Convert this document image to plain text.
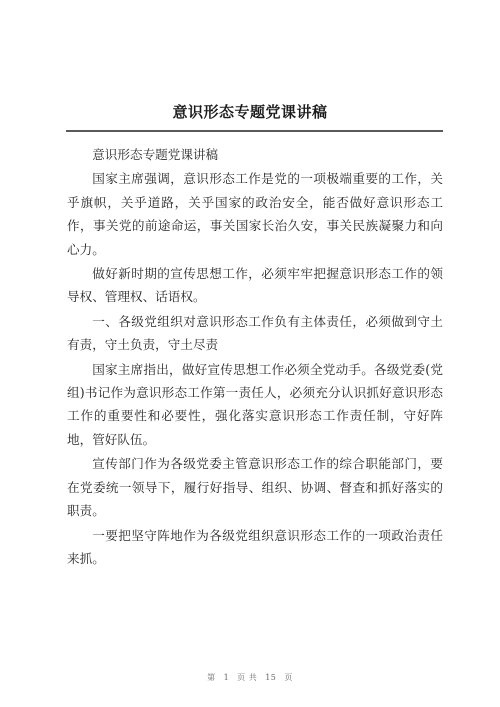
意识形态专题党课讲稿

意识形态专题党课讲稿

国家主席强调，意识形态工作是党的一项极端重要的工作，关乎旗帜，关乎道路，关乎国家的政治安全，能否做好意识形态工作，事关党的前途命运，事关国家长治久安，事关民族凝聚力和向心力。

做好新时期的宣传思想工作，必须牢牢把握意识形态工作的领导权、管理权、话语权。

一、各级党组织对意识形态工作负有主体责任，必须做到守土有责，守土负责，守土尽责

国家主席指出，做好宣传思想工作必须全党动手。各级党委(党组)书记作为意识形态工作第一责任人，必须充分认识抓好意识形态工作的重要性和必要性，强化落实意识形态工作责任制，守好阵地，管好队伍。

宣传部门作为各级党委主管意识形态工作的综合职能部门，要在党委统一领导下，履行好指导、组织、协调、督查和抓好落实的职责。

一要把坚守阵地作为各级党组织意识形态工作的一项政治责任来抓。

第 1 页 共 15 页
